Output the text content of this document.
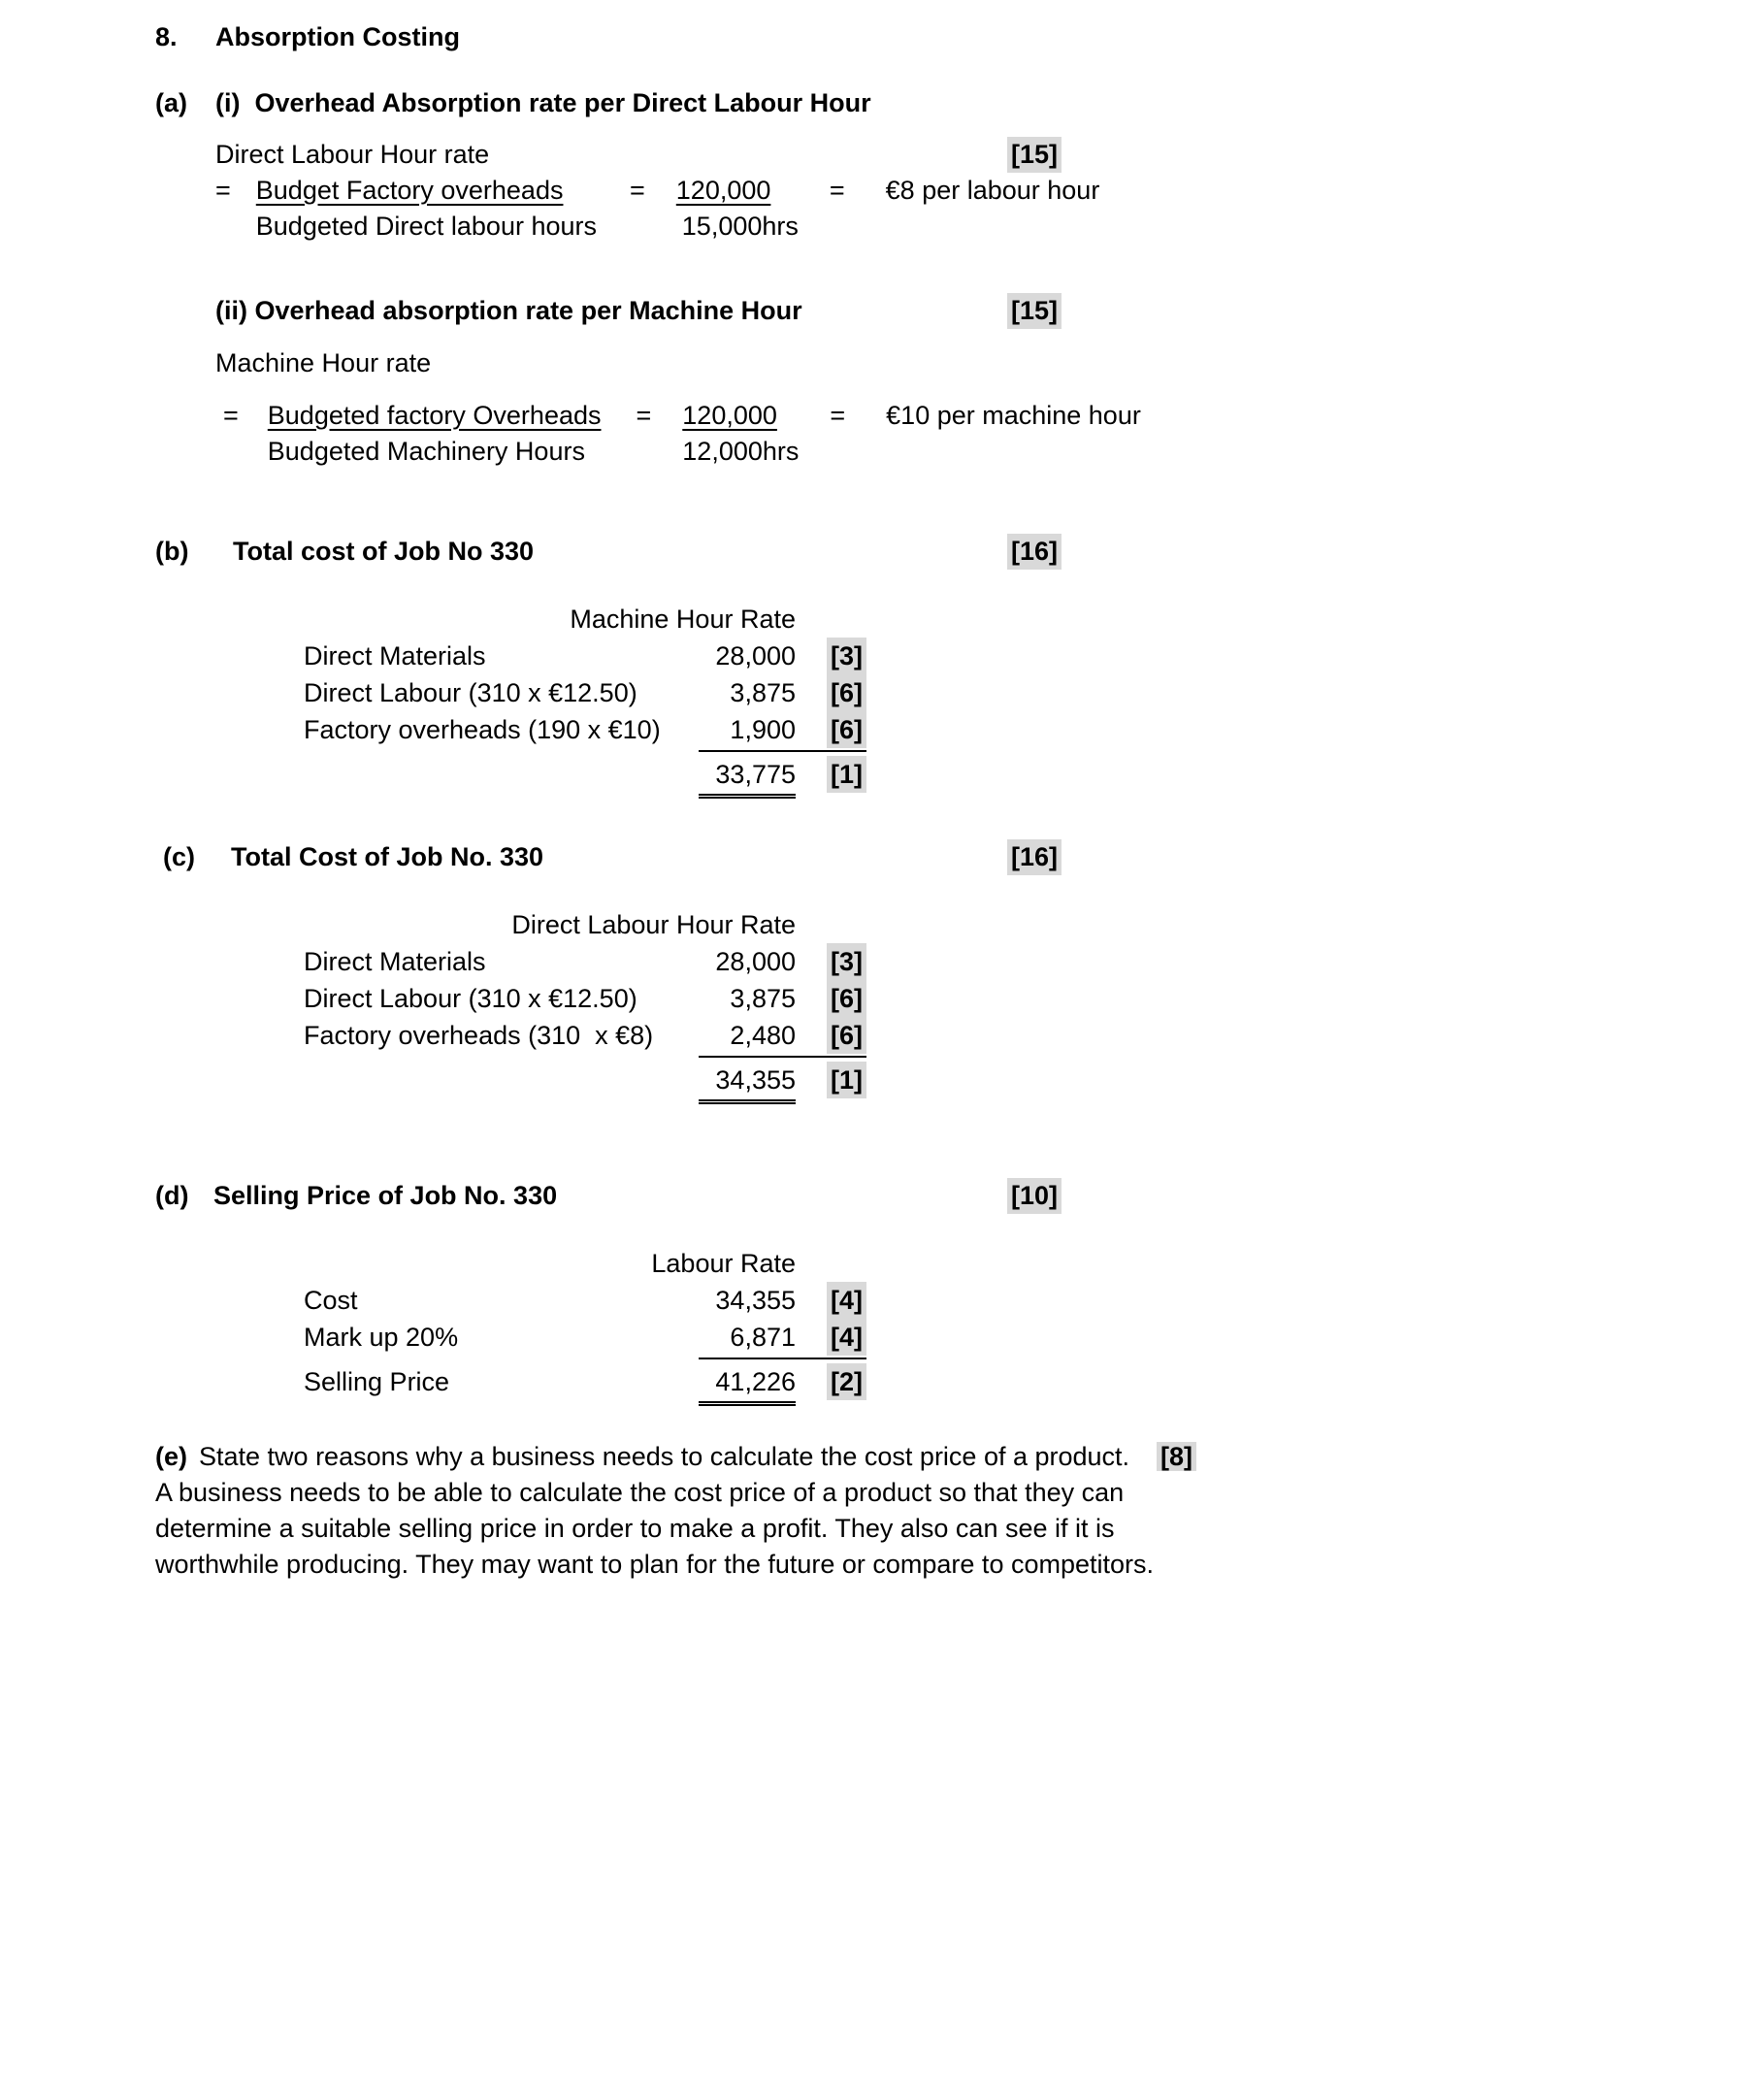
8. Absorption Costing
(a) (i)  Overhead Absorption rate per Direct Labour Hour
Direct Labour Hour rate	[15]
= $\frac{\text{Budget Factory overheads}}{\text{Budgeted Direct labour hours}} = \frac{120,000}{\text{15,000hrs}}$ = €8 per labour hour
(ii) Overhead absorption rate per Machine Hour	[15]
Machine Hour rate
= $\frac{\text{Budgeted factory Overheads}}{\text{Budgeted Machinery Hours}} = \frac{120,000}{\text{12,000hrs}}$ = €10 per machine hour
(b) Total cost of Job No 330	[16]
Machine Hour Rate
Direct Materials	28,000 [3]
Direct Labour (310 x €12.50)	3,875 [6]
Factory overheads (190 x €10)	1,900 [6]
33,775 [1]
(c) Total Cost of Job No. 330	[16]
Direct Labour Hour Rate
Direct Materials	28,000 [3]
Direct Labour (310 x €12.50)	3,875 [6]
Factory overheads (310  x €8)	2,480 [6]
34,355 [1]
(d) Selling Price of Job No. 330	[10]
Labour Rate
Cost	34,355 [4]
Mark up 20%	6,871 [4]
Selling Price	41,226 [2]
(e) State two reasons why a business needs to calculate the cost price of a product. [8]
A business needs to be able to calculate the cost price of a product so that they can determine a suitable selling price in order to make a profit. They also can see if it is worthwhile producing. They may want to plan for the future or compare to competitors.
